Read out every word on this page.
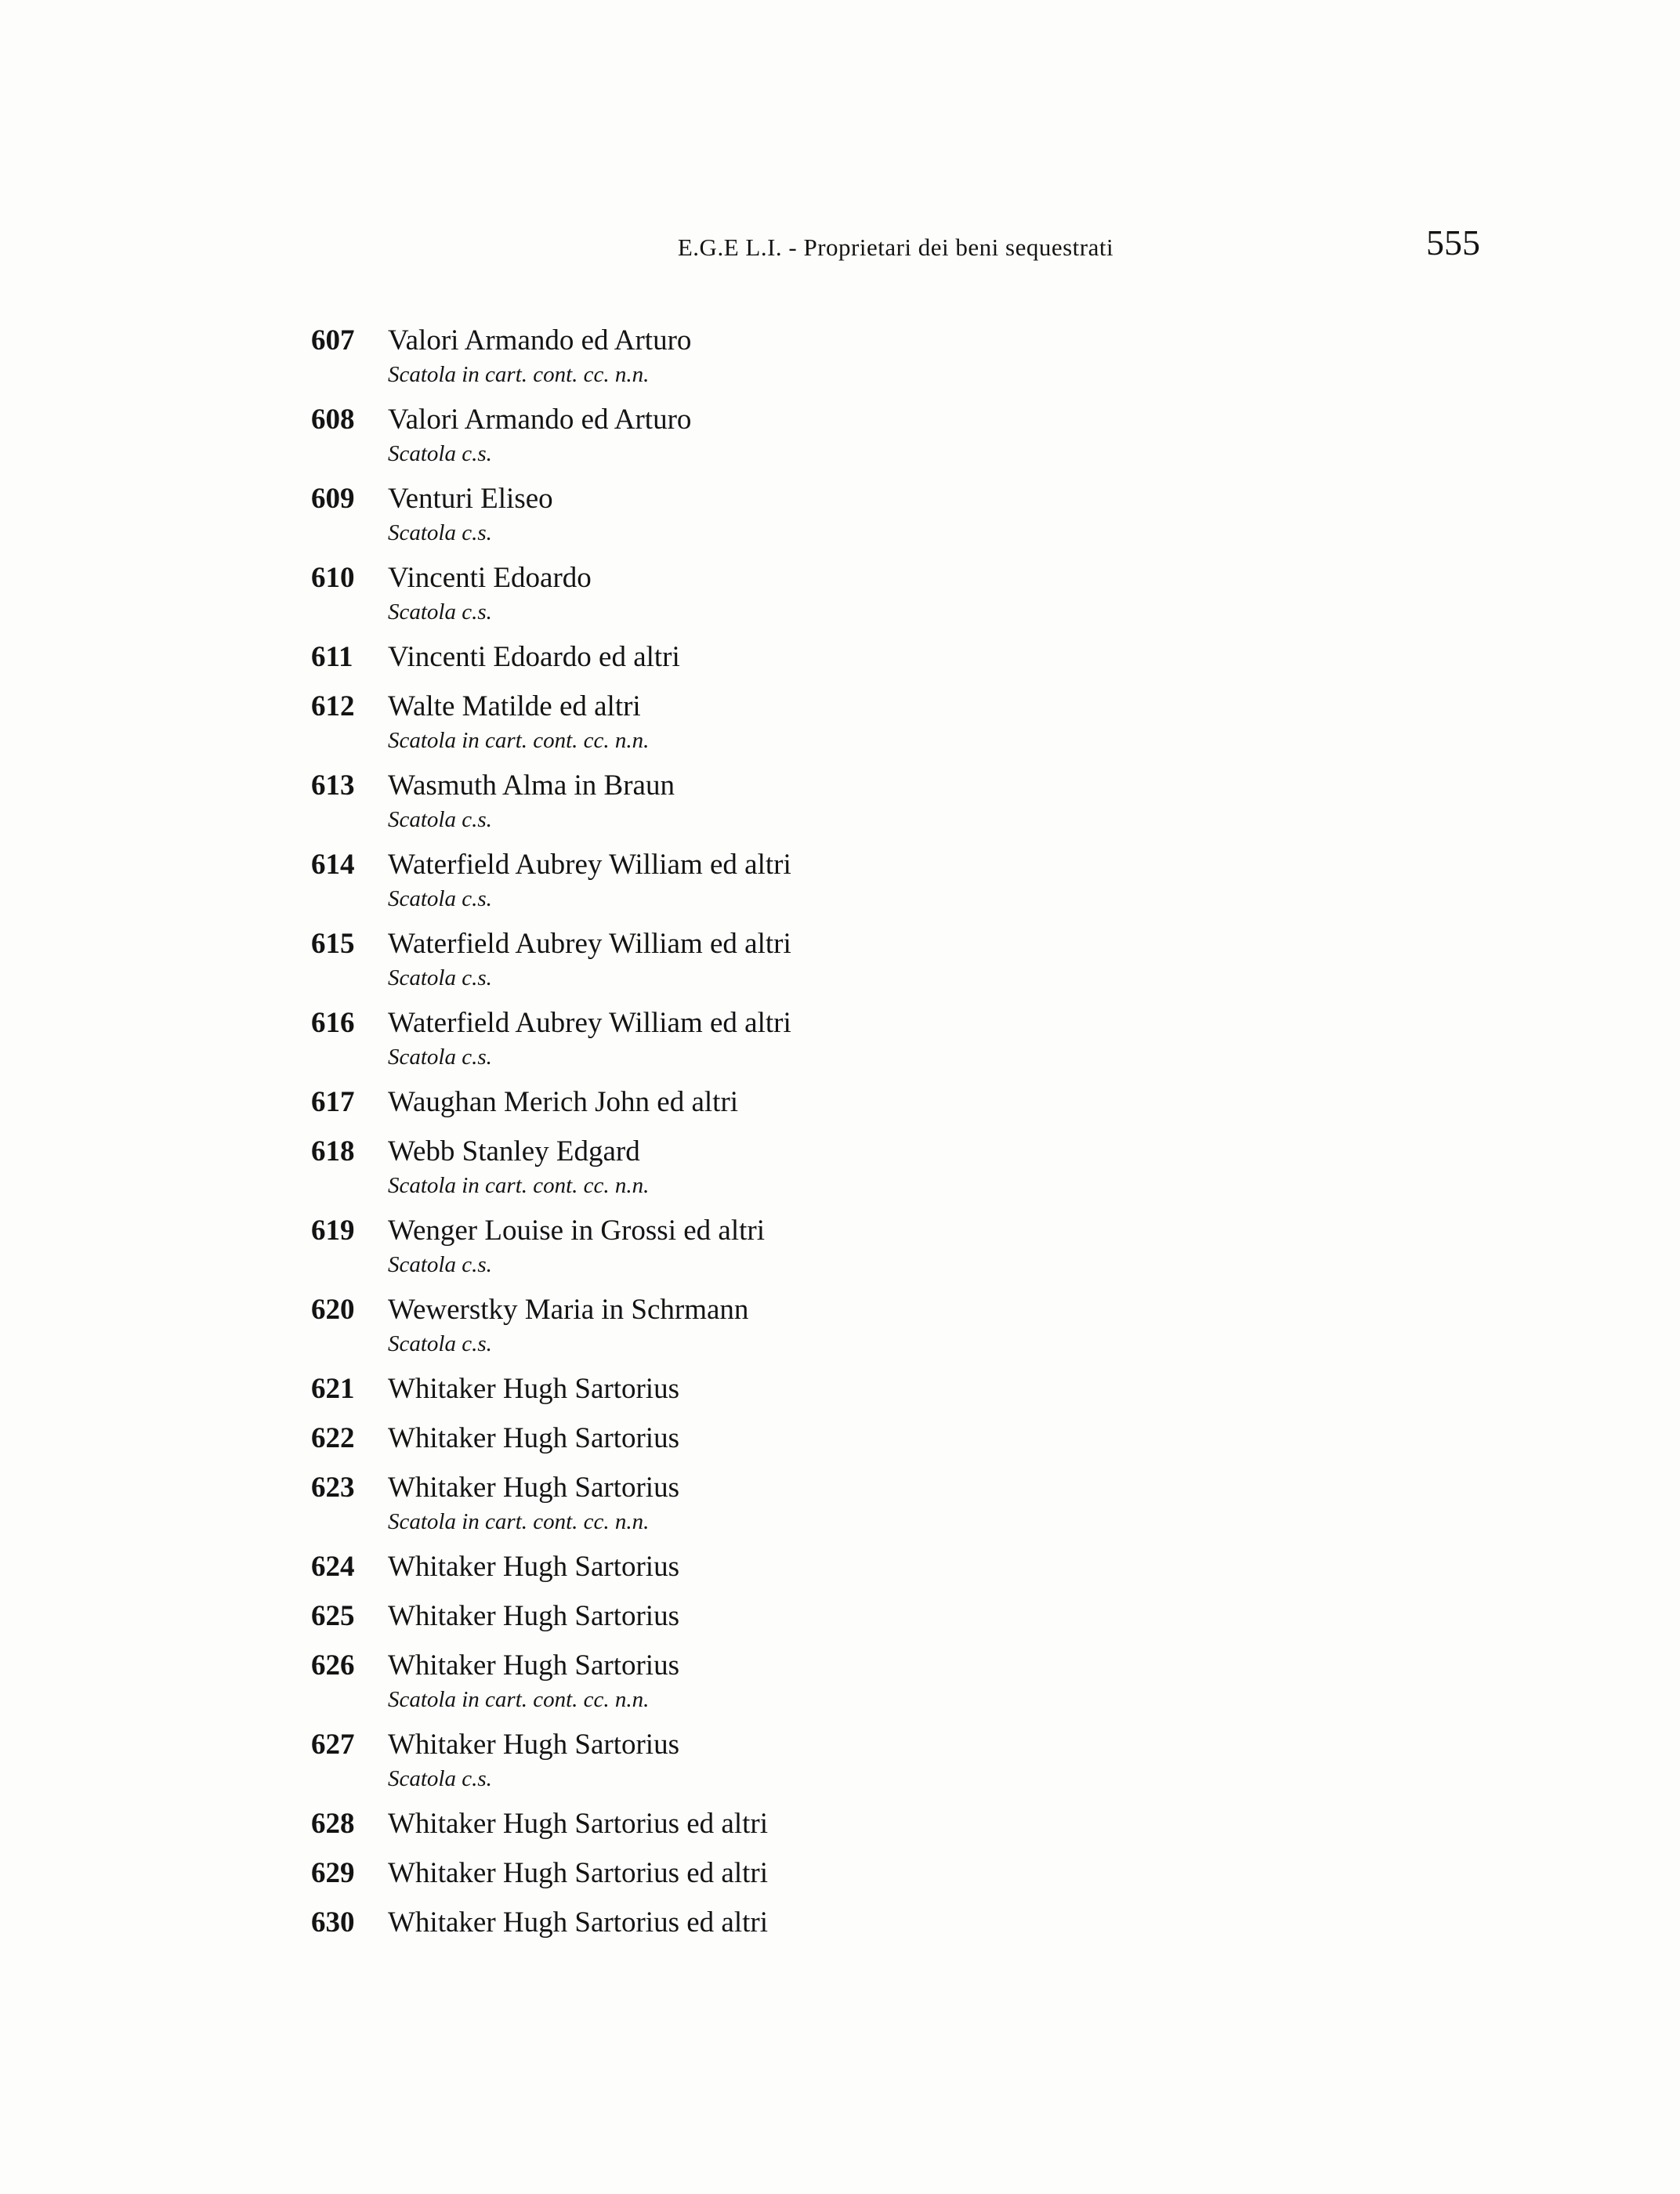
E.G.E L.I. - Proprietari dei beni sequestrati	555
607 Valori Armando ed Arturo
Scatola in cart. cont. cc. n.n.
608 Valori Armando ed Arturo
Scatola c.s.
609 Venturi Eliseo
Scatola c.s.
610 Vincenti Edoardo
Scatola c.s.
611 Vincenti Edoardo ed altri
612 Walte Matilde ed altri
Scatola in cart. cont. cc. n.n.
613 Wasmuth Alma in Braun
Scatola c.s.
614 Waterfield Aubrey William ed altri
Scatola c.s.
615 Waterfield Aubrey William ed altri
Scatola c.s.
616 Waterfield Aubrey William ed altri
Scatola c.s.
617 Waughan Merich John ed altri
618 Webb Stanley Edgard
Scatola in cart. cont. cc. n.n.
619 Wenger Louise in Grossi ed altri
Scatola c.s.
620 Wewerstky Maria in Schrmann
Scatola c.s.
621 Whitaker Hugh Sartorius
622 Whitaker Hugh Sartorius
623 Whitaker Hugh Sartorius
Scatola in cart. cont. cc. n.n.
624 Whitaker Hugh Sartorius
625 Whitaker Hugh Sartorius
626 Whitaker Hugh Sartorius
Scatola in cart. cont. cc. n.n.
627 Whitaker Hugh Sartorius
Scatola c.s.
628 Whitaker Hugh Sartorius ed altri
629 Whitaker Hugh Sartorius ed altri
630 Whitaker Hugh Sartorius ed altri
